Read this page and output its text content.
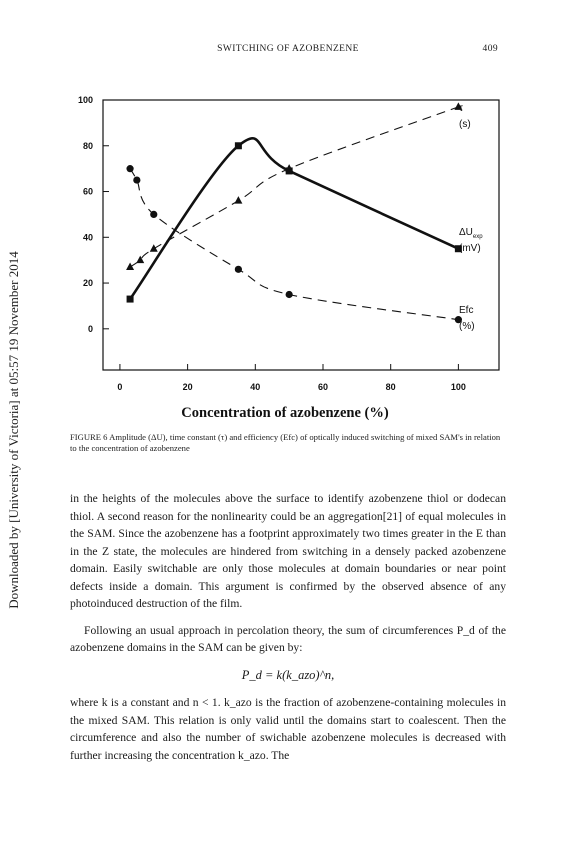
SWITCHING OF AZOBENZENE	409
Downloaded by [University of Victoria] at 05:57 19 November 2014
100
80
60
40
20
0
0	20	40	60	80	100
$\Delta U_{exp}$
(mV)
τ
(s)
Efc
(%)
Concentration of azobenzene (%)
FIGURE 6 Amplitude (ΔU), time constant (τ) and efficiency (Efc) of optically induced switching of mixed SAM's in relation to the concentration of azobenzene

in the heights of the molecules above the surface to identify azobenzene thiol or dodecan thiol. A second reason for the nonlinearity could be an aggregation[21] of equal molecules in the SAM. Since the azobenzene has a footprint approximately two times greater in the E than in the Z state, the molecules are hindered from switching in a densely packed azobenzene domain. Easily switchable are only those molecules at domain boundaries or near point defects inside a domain. This argument is confirmed by the observed absence of any photoinduced destruction of the film.

Following an usual approach in percolation theory, the sum of circumferences P_d of the azobenzene domains in the SAM can be given by:

P_d = k(k_azo)^n,

where k is a constant and n < 1. k_azo is the fraction of azobenzene-containing molecules in the mixed SAM. This relation is only valid until the domains start to coalescent. Then the circumference and also the number of swichable azobenzene molecules is decreased with further increasing the concentration k_azo. The
